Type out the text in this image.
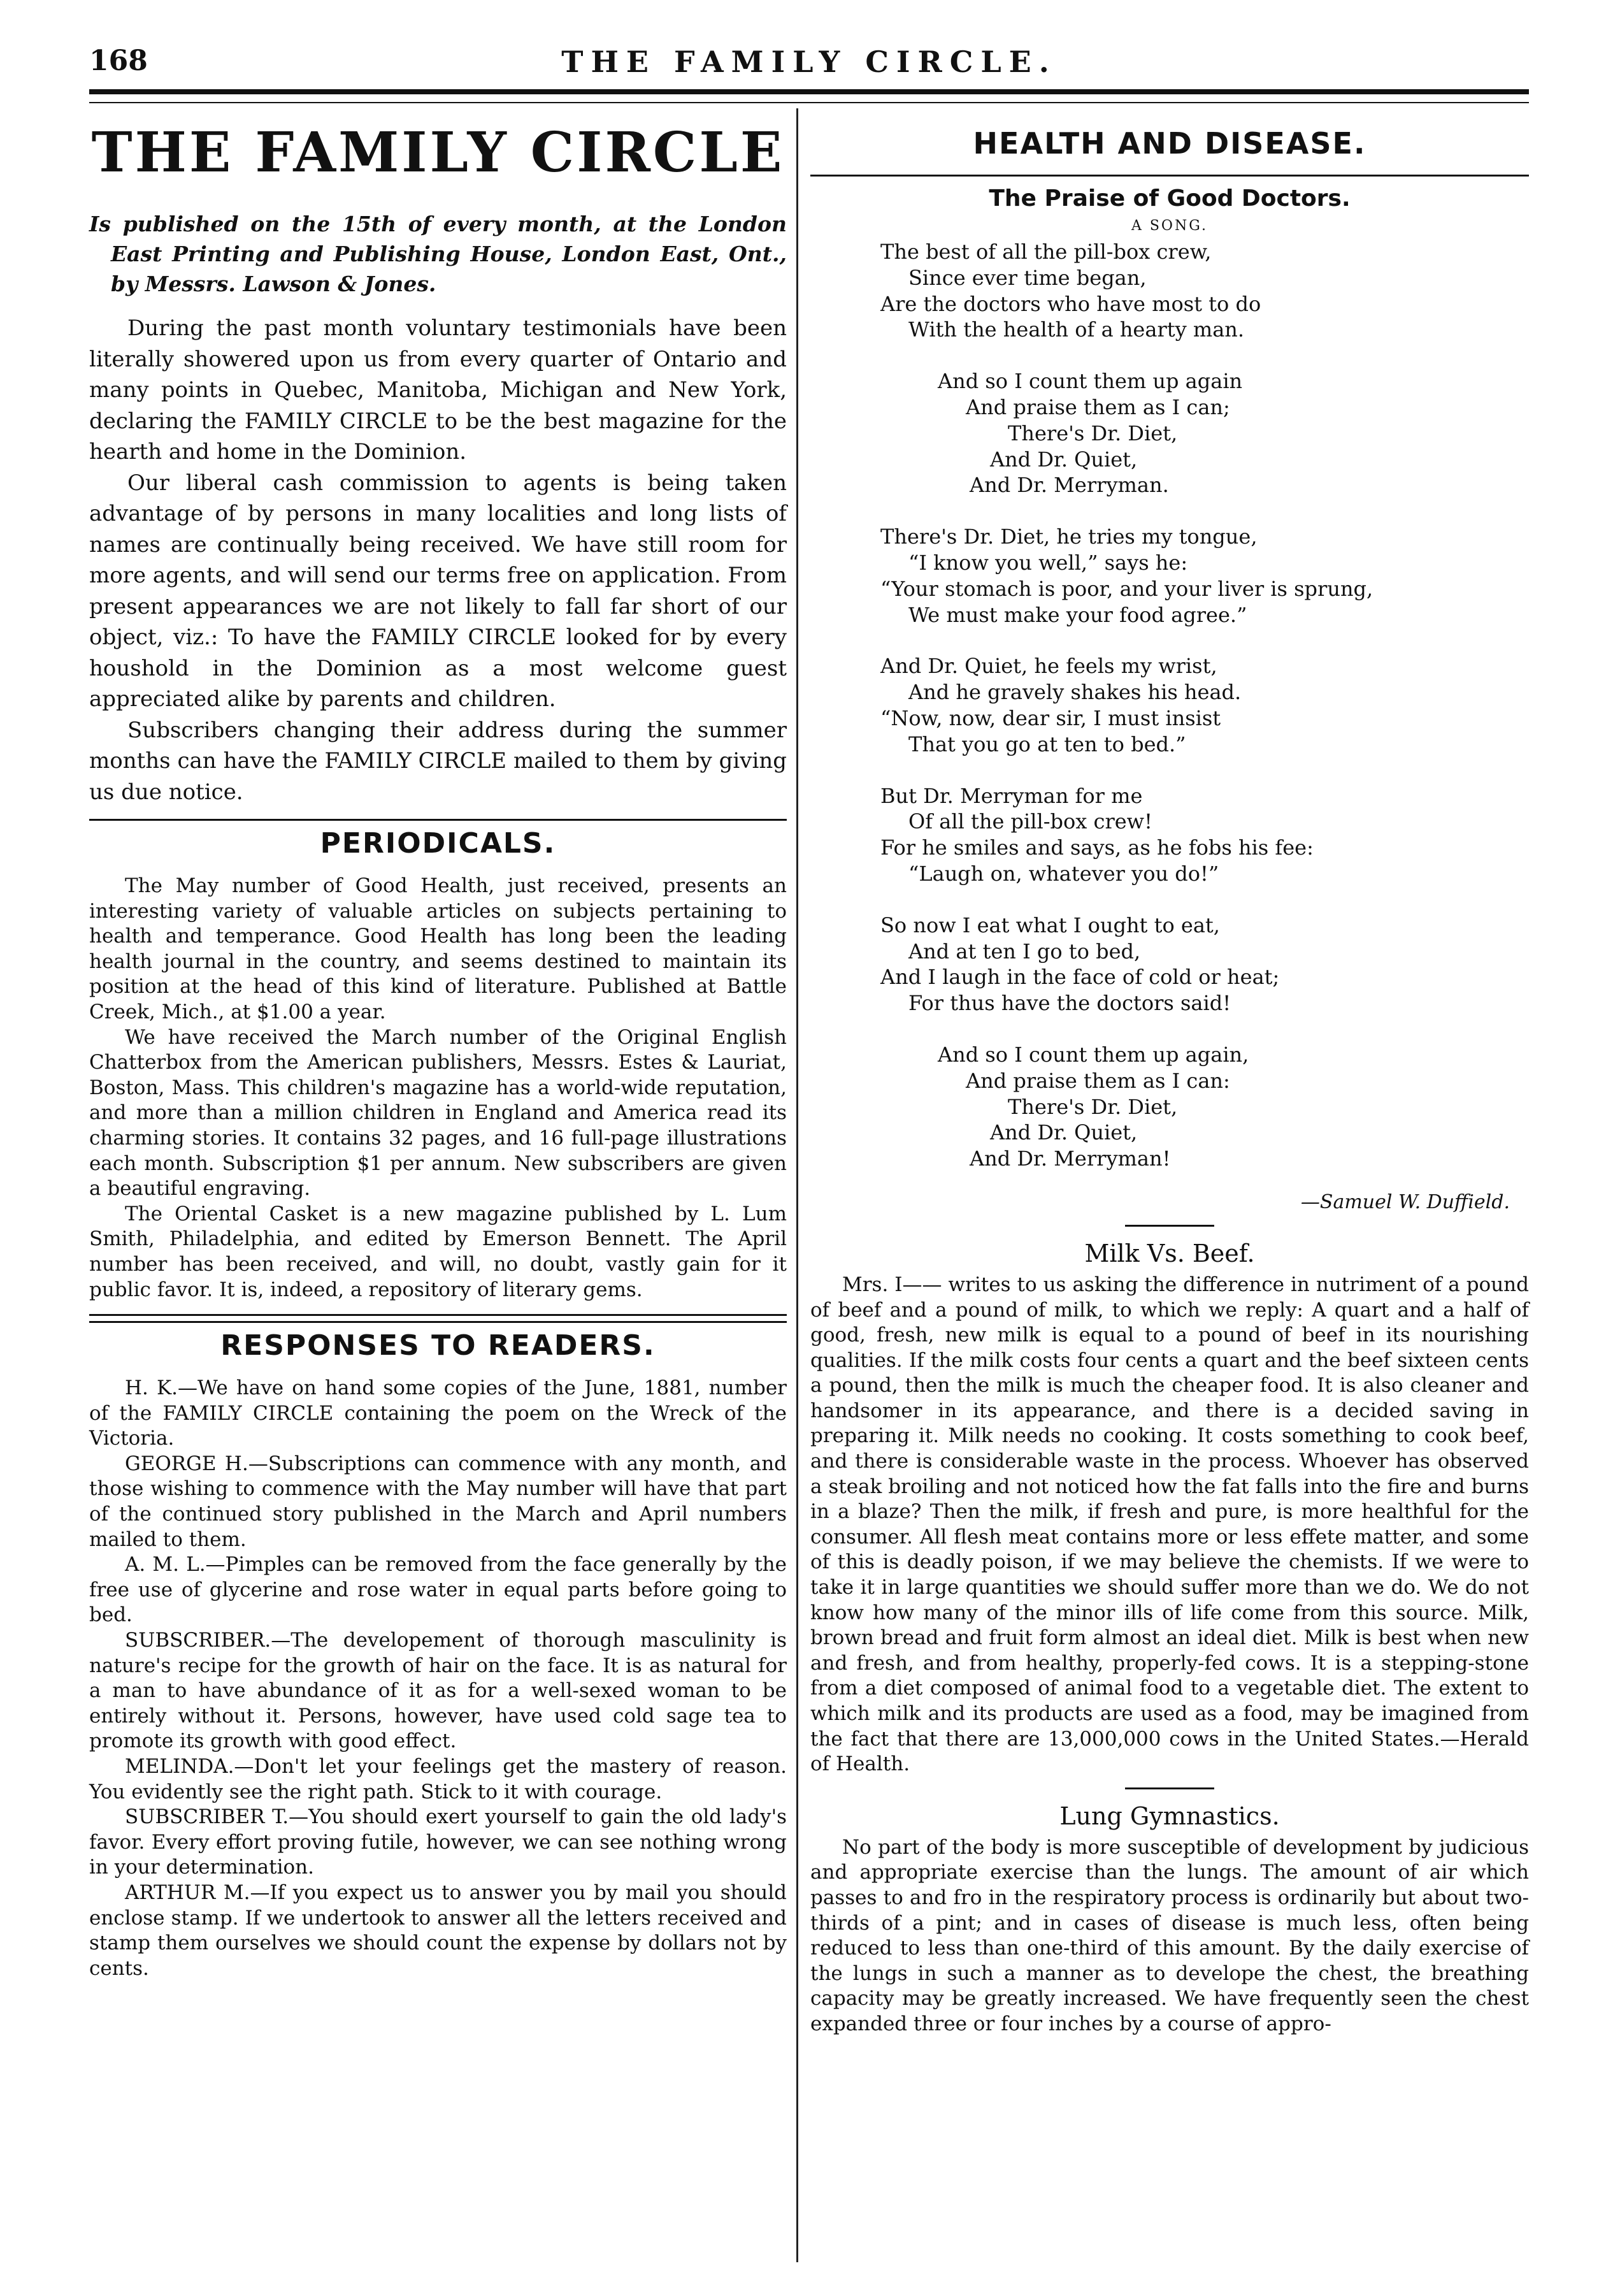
168	THE FAMILY CIRCLE.
THE FAMILY CIRCLE

Is published on the 15th of every month, at the London East Printing and Publishing House, London East, Ont., by Messrs. Lawson & Jones.

During the past month voluntary testimonials have been literally showered upon us from every quarter of Ontario and many points in Quebec, Manitoba, Michigan and New York, declaring the FAMILY CIRCLE to be the best magazine for the hearth and home in the Dominion.

Our liberal cash commission to agents is being taken advantage of by persons in many localities and long lists of names are continually being received. We have still room for more agents, and will send our terms free on application. From present appearances we are not likely to fall far short of our object, viz.: To have the FAMILY CIRCLE looked for by every houshold in the Dominion as a most welcome guest appreciated alike by parents and children.

Subscribers changing their address during the summer months can have the FAMILY CIRCLE mailed to them by giving us due notice.

PERIODICALS.

The May number of Good Health, just received, presents an interesting variety of valuable articles on subjects pertaining to health and temperance. Good Health has long been the leading health journal in the country, and seems destined to maintain its position at the head of this kind of literature. Published at Battle Creek, Mich., at $1.00 a year.

We have received the March number of the Original English Chatterbox from the American publishers, Messrs. Estes & Lauriat, Boston, Mass. This children's magazine has a world-wide reputation, and more than a million children in England and America read its charming stories. It contains 32 pages, and 16 full-page illustrations each month. Subscription $1 per annum. New subscribers are given a beautiful engraving.

The Oriental Casket is a new magazine published by L. Lum Smith, Philadelphia, and edited by Emerson Bennett. The April number has been received, and will, no doubt, vastly gain for it public favor. It is, indeed, a repository of literary gems.

RESPONSES TO READERS.

H. K.—We have on hand some copies of the June, 1881, number of the FAMILY CIRCLE containing the poem on the Wreck of the Victoria.

GEORGE H.—Subscriptions can commence with any month, and those wishing to commence with the May number will have that part of the continued story published in the March and April numbers mailed to them.

A. M. L.—Pimples can be removed from the face generally by the free use of glycerine and rose water in equal parts before going to bed.

SUBSCRIBER.—The developement of thorough masculinity is nature's recipe for the growth of hair on the face. It is as natural for a man to have abundance of it as for a well-sexed woman to be entirely without it. Persons, however, have used cold sage tea to promote its growth with good effect.

MELINDA.—Don't let your feelings get the mastery of reason. You evidently see the right path. Stick to it with courage.

SUBSCRIBER T.—You should exert yourself to gain the old lady's favor. Every effort proving futile, however, we can see nothing wrong in your determination.

ARTHUR M.—If you expect us to answer you by mail you should enclose stamp. If we undertook to answer all the letters received and stamp them ourselves we should count the expense by dollars not by cents.

HEALTH AND DISEASE.
The Praise of Good Doctors.
A SONG.
The best of all the pill-box crew,
Since ever time began,
Are the doctors who have most to do
With the health of a hearty man.
And so I count them up again
And praise them as I can;
There's Dr. Diet,
And Dr. Quiet,
And Dr. Merryman.
There's Dr. Diet, he tries my tongue,
“I know you well,” says he:
“Your stomach is poor, and your liver is sprung,
We must make your food agree.”
And Dr. Quiet, he feels my wrist,
And he gravely shakes his head.
“Now, now, dear sir, I must insist
That you go at ten to bed.”
But Dr. Merryman for me
Of all the pill-box crew!
For he smiles and says, as he fobs his fee:
“Laugh on, whatever you do!”
So now I eat what I ought to eat,
And at ten I go to bed,
And I laugh in the face of cold or heat;
For thus have the doctors said!
And so I count them up again,
And praise them as I can:
There's Dr. Diet,
And Dr. Quiet,
And Dr. Merryman!
—Samuel W. Duffield.
Milk Vs. Beef.

Mrs. I—— writes to us asking the difference in nutriment of a pound of beef and a pound of milk, to which we reply: A quart and a half of good, fresh, new milk is equal to a pound of beef in its nourishing qualities. If the milk costs four cents a quart and the beef sixteen cents a pound, then the milk is much the cheaper food. It is also cleaner and handsomer in its appearance, and there is a decided saving in preparing it. Milk needs no cooking. It costs something to cook beef, and there is considerable waste in the process. Whoever has observed a steak broiling and not noticed how the fat falls into the fire and burns in a blaze? Then the milk, if fresh and pure, is more healthful for the consumer. All flesh meat contains more or less effete matter, and some of this is deadly poison, if we may believe the chemists. If we were to take it in large quantities we should suffer more than we do. We do not know how many of the minor ills of life come from this source. Milk, brown bread and fruit form almost an ideal diet. Milk is best when new and fresh, and from healthy, properly-fed cows. It is a stepping-stone from a diet composed of animal food to a vegetable diet. The extent to which milk and its products are used as a food, may be imagined from the fact that there are 13,000,000 cows in the United States.—Herald of Health.

Lung Gymnastics.

No part of the body is more susceptible of development by judicious and appropriate exercise than the lungs. The amount of air which passes to and fro in the respiratory process is ordinarily but about two-thirds of a pint; and in cases of disease is much less, often being reduced to less than one-third of this amount. By the daily exercise of the lungs in such a manner as to develope the chest, the breathing capacity may be greatly increased. We have frequently seen the chest expanded three or four inches by a course of appro-
